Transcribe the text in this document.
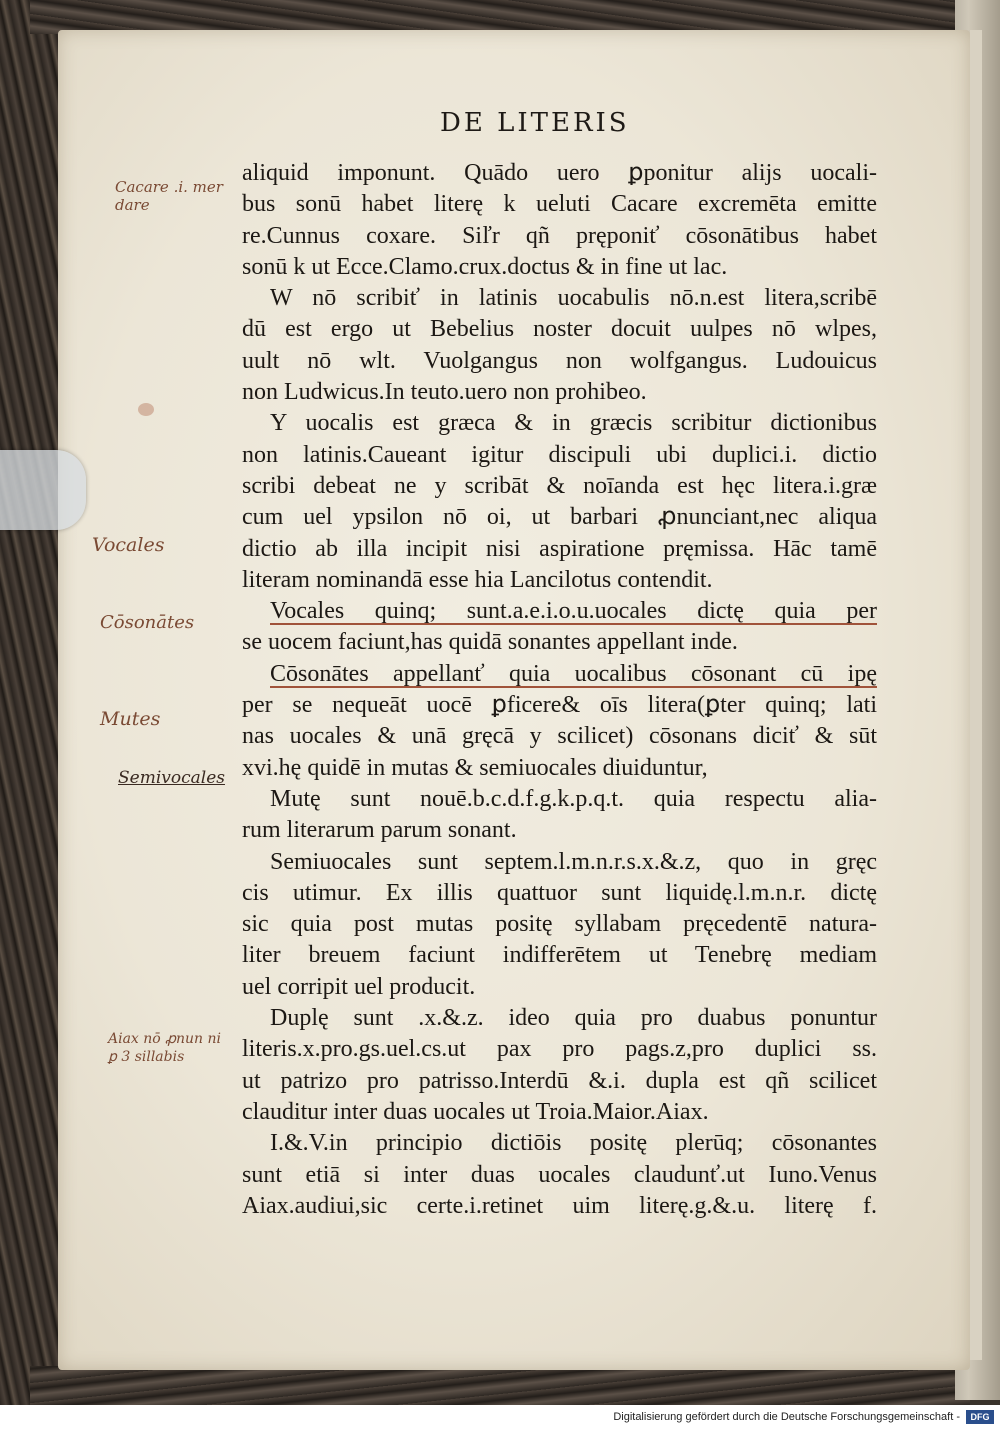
DE LITERIS
aliquid imponunt. Quādo uero ꝑponitur alijs uocali-
bus sonū habet literę k ueluti Cacare excremēta emitte
re.Cunnus coxare. Siľr qñ pręponiť cōsonātibus habet
sonū k ut Ecce.Clamo.crux.doctus & in fine ut lac.
W nō scribiť in latinis uocabulis nō.n.est litera,scribē
dū est ergo ut Bebelius noster docuit uulpes nō wlpes,
uult nō wlt. Vuolgangus non wolfgangus. Ludouicus
non Ludwicus.In teuto.uero non prohibeo.
Y uocalis est græca & in græcis scribitur dictionibus
non latinis.Caueant igitur discipuli ubi duplici.i. dictio
scribi debeat ne y scribāt & noīanda est hęc litera.i.græ
cum uel ypsilon nō oi, ut barbari ꝓnunciant,nec aliqua
dictio ab illa incipit nisi aspiratione pręmissa. Hāc tamē
literam nominandā esse hia Lancilotus contendit.
Vocales quinq; sunt.a.e.i.o.u.uocales dictę quia per
se uocem faciunt,has quidā sonantes appellant inde.
Cōsonātes appellanť quia uocalibus cōsonant cū ipę
per se nequeāt uocē ꝑficere& oīs litera(ꝑter quinq; lati
nas uocales & unā gręcā y scilicet) cōsonans diciť & sūt
xvi.hę quidē in mutas & semiuocales diuiduntur,
Mutę sunt nouē.b.c.d.f.g.k.p.q.t. quia respectu alia-
rum literarum parum sonant.
Semiuocales sunt septem.l.m.n.r.s.x.&.z, quo in gręc
cis utimur. Ex illis quattuor sunt liquidę.l.m.n.r. dictę
sic quia post mutas positę syllabam pręcedentē natura-
liter breuem faciunt indifferētem ut Tenebrę mediam
uel corripit uel producit.
Duplę sunt .x.&.z. ideo quia pro duabus ponuntur
literis.x.pro.gs.uel.cs.ut pax pro pags.z,pro duplici ss.
ut patrizo pro patrisso.Interdū &.i. dupla est qñ scilicet
clauditur inter duas uocales ut Troia.Maior.Aiax.
I.&.V.in principio dictiōis positę plerūq; cōsonantes
sunt etiā si inter duas uocales claudunť.ut Iuno.Venus
Aiax.audiui,sic certe.i.retinet uim literę.g.&.u. literę f.
Cacare .i. mer dare
Vocales
Cōsonātes
Mutes
Semivocales
Aiax nō ꝓnun ni ꝑ 3 sillabis
Digitalisierung gefördert durch die Deutsche Forschungsgemeinschaft -	DFG
